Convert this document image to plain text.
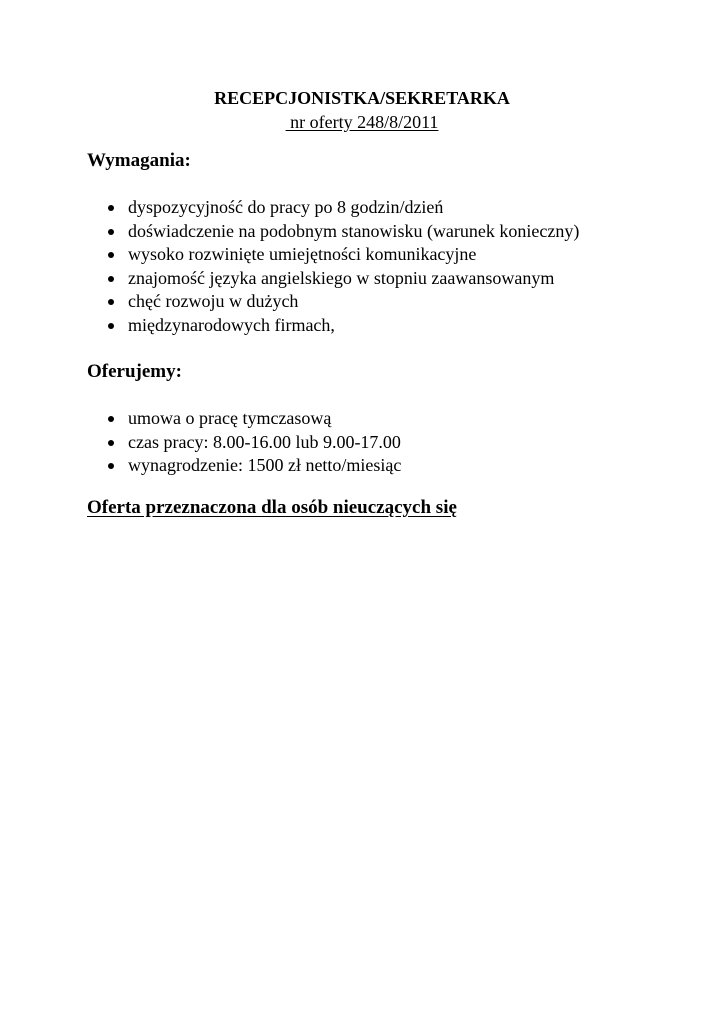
RECEPCJONISTKA/SEKRETARKA
nr oferty 248/8/2011
Wymagania:
dyspozycyjność do pracy po 8 godzin/dzień
doświadczenie na podobnym stanowisku (warunek konieczny)
wysoko rozwinięte umiejętności komunikacyjne
znajomość języka angielskiego w stopniu zaawansowanym
chęć rozwoju w dużych
międzynarodowych firmach,
Oferujemy:
umowa o pracę tymczasową
czas pracy: 8.00-16.00 lub 9.00-17.00
wynagrodzenie: 1500 zł netto/miesiąc
Oferta przeznaczona dla osób nieuczących się
